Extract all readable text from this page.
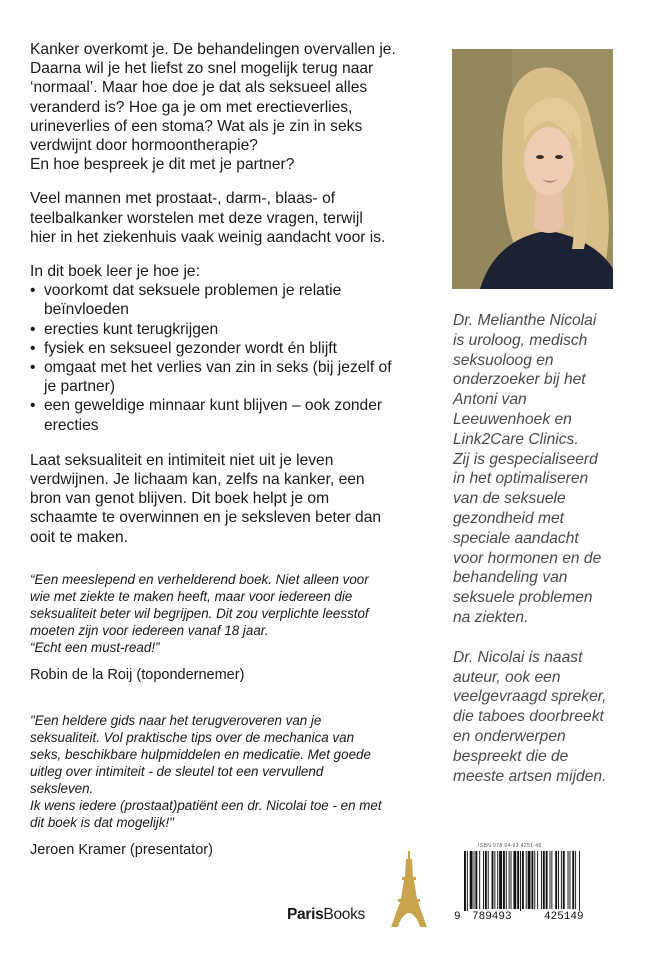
Kanker overkomt je. De behandelingen overvallen je.
Daarna wil je het liefst zo snel mogelijk terug naar
‘normaal’. Maar hoe doe je dat als seksueel alles
veranderd is? Hoe ga je om met erectieverlies,
urineverlies of een stoma? Wat als je zin in seks
verdwijnt door hormoontherapie?
En hoe bespreek je dit met je partner?

Veel mannen met prostaat-, darm-, blaas- of
teelbalkanker worstelen met deze vragen, terwijl
hier in het ziekenhuis vaak weinig aandacht voor is.

In dit boek leer je hoe je:

• voorkomt dat seksuele problemen je relatie
beïnvloeden
• erecties kunt terugkrijgen
• fysiek en seksueel gezonder wordt én blijft
• omgaat met het verlies van zin in seks (bij jezelf of
je partner)
• een geweldige minnaar kunt blijven – ook zonder
erecties

Laat seksualiteit en intimiteit niet uit je leven
verdwijnen. Je lichaam kan, zelfs na kanker, een
bron van genot blijven. Dit boek helpt je om
schaamte te overwinnen en je seksleven beter dan
ooit te maken.

“Een meeslepend en verhelderend boek. Niet alleen voor
wie met ziekte te maken heeft, maar voor iedereen die
seksualiteit beter wil begrijpen. Dit zou verplichte leesstof
moeten zijn voor iedereen vanaf 18 jaar.
“Echt een must-read!”

Robin de la Roij (topondernemer)

"Een heldere gids naar het terugveroveren van je
seksualiteit. Vol praktische tips over de mechanica van
seks, beschikbare hulpmiddelen en medicatie. Met goede
uitleg over intimiteit - de sleutel tot een vervullend
seksleven.
Ik wens iedere (prostaat)patiënt een dr. Nicolai toe - en met
dit boek is dat mogelijk!"

Jeroen Kramer (presentator)

Dr. Melianthe Nicolai
is uroloog, medisch
seksuoloog en
onderzoeker bij het
Antoni van
Leeuwenhoek en
Link2Care Clinics.
Zij is gespecialiseerd
in het optimaliseren
van de seksuele
gezondheid met
speciale aandacht
voor hormonen en de
behandeling van
seksuele problemen
na ziekten.
Dr. Nicolai is naast
auteur, ook een
veelgevraagd spreker,
die taboes doorbreekt
en onderwerpen
bespreekt die de
meeste artsen mijden.
ParisBooks
ISBN 978 94 93 4251 49
9 789493	425149
